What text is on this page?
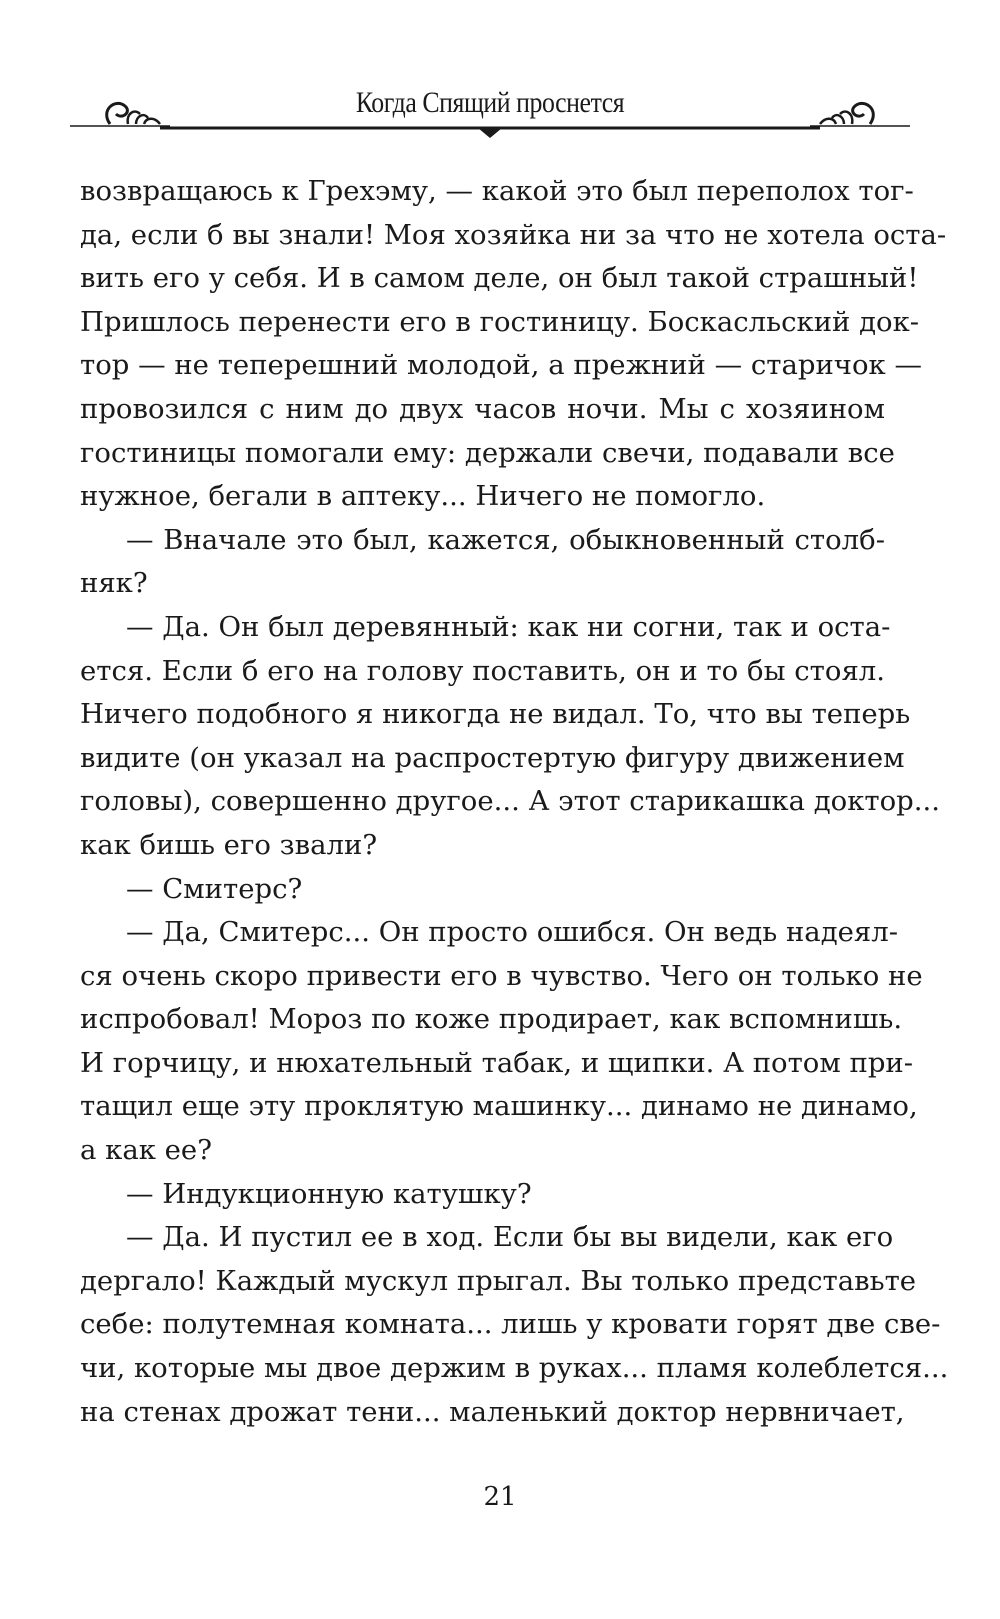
Когда Спящий проснется
возвращаюсь к Грехэму, — какой это был переполох тог-
да, если б вы знали! Моя хозяйка ни за что не хотела оста-
вить его у себя. И в самом деле, он был такой страшный!
Пришлось перенести его в гостиницу. Боскасльский док-
тор — не теперешний молодой, а прежний — старичок —
провозился с ним до двух часов ночи. Мы с хозяином
гостиницы помогали ему: держали свечи, подавали все
нужное, бегали в аптеку... Ничего не помогло.
— Вначале это был, кажется, обыкновенный столб-
няк?
— Да. Он был деревянный: как ни согни, так и оста-
ется. Если б его на голову поставить, он и то бы стоял.
Ничего подобного я никогда не видал. То, что вы теперь
видите (он указал на распростертую фигуру движением
головы), совершенно другое... А этот старикашка доктор...
как бишь его звали?
— Смитерс?
— Да, Смитерс... Он просто ошибся. Он ведь надеял-
ся очень скоро привести его в чувство. Чего он только не
испробовал! Мороз по коже продирает, как вспомнишь.
И горчицу, и нюхательный табак, и щипки. А потом при-
тащил еще эту проклятую машинку... динамо не динамо,
а как ее?
— Индукционную катушку?
— Да. И пустил ее в ход. Если бы вы видели, как его
дергало! Каждый мускул прыгал. Вы только представьте
себе: полутемная комната... лишь у кровати горят две све-
чи, которые мы двое держим в руках... пламя колеблется...
на стенах дрожат тени... маленький доктор нервничает,
21
